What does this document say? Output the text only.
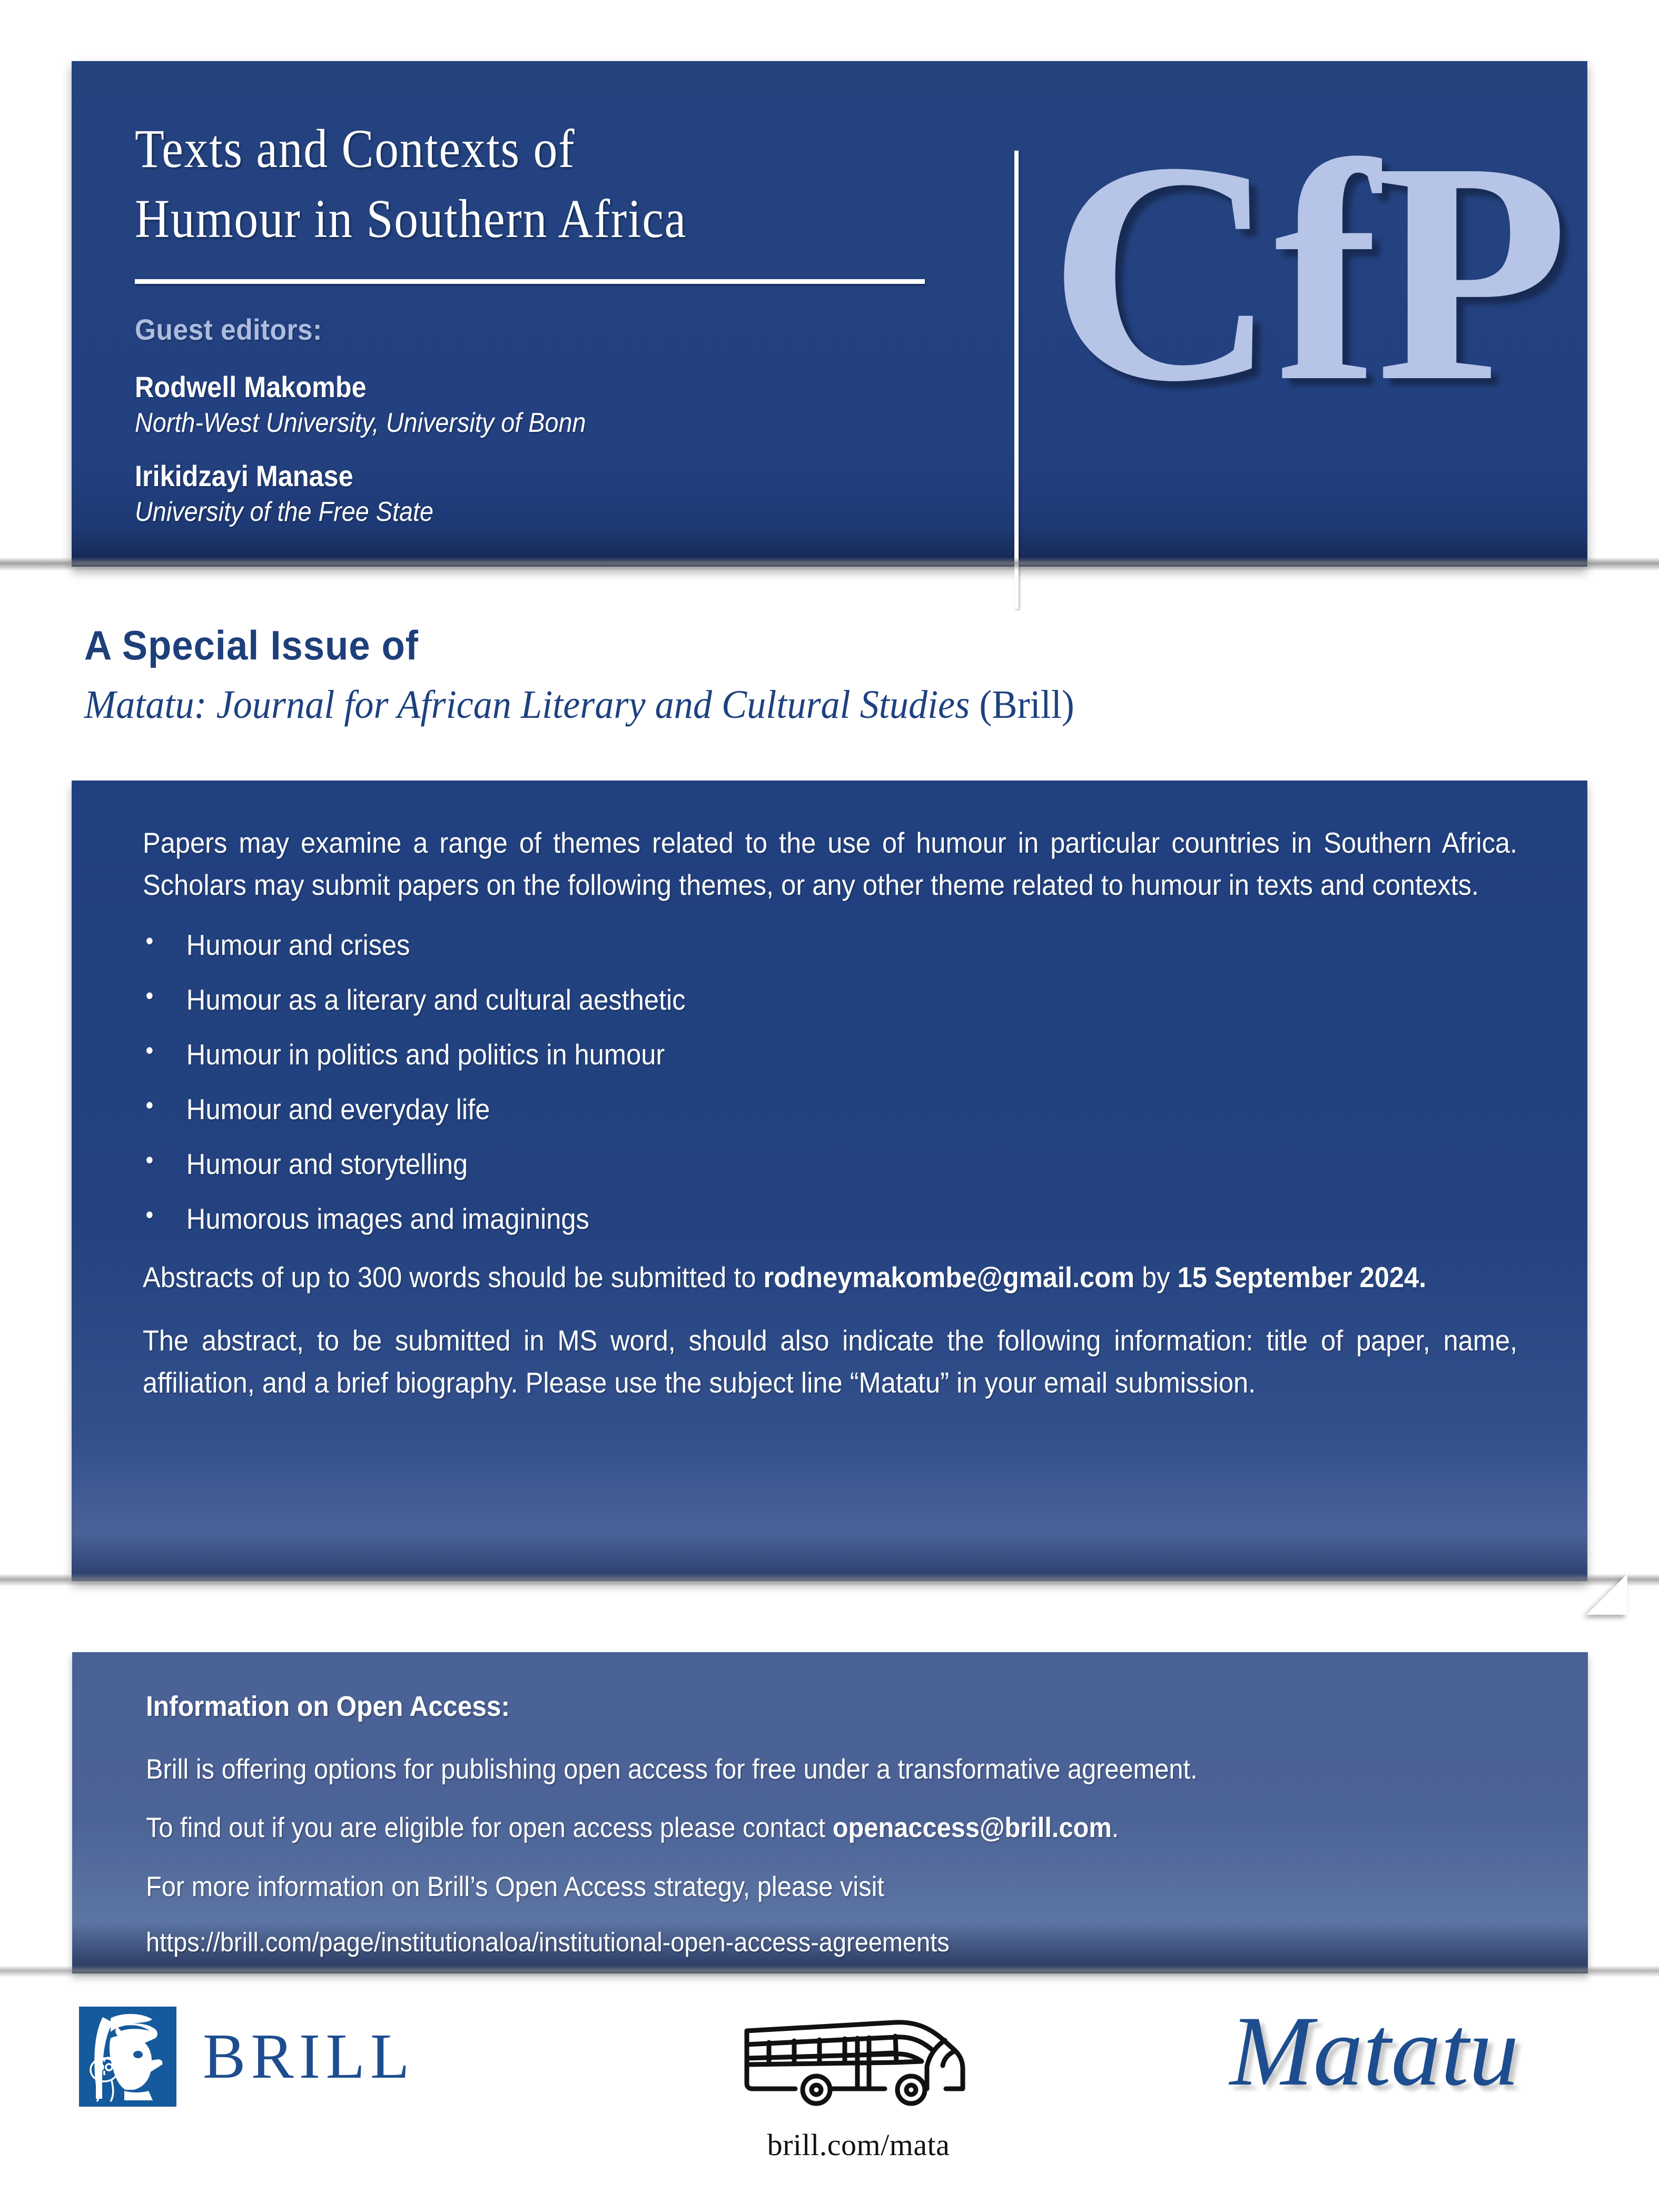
Texts and Contexts of
Humour in Southern Africa
Guest editors:
Rodwell Makombe
North-West University, University of Bonn
Irikidzayi Manase
University of the Free State
CfP
A Special Issue of
Matatu: Journal for African Literary and Cultural Studies (Brill)
Papers may examine a range of themes related to the use of humour in particular countries in Southern Africa. Scholars may submit papers on the following themes, or any other theme related to humour in texts and contexts.
• Humour and crises
• Humour as a literary and cultural aesthetic
• Humour in politics and politics in humour
• Humour and everyday life
• Humour and storytelling
• Humorous images and imaginings
Abstracts of up to 300 words should be submitted to rodneymakombe@gmail.com by 15 September 2024.
The abstract, to be submitted in MS word, should also indicate the following information: title of paper, name, affiliation, and a brief biography. Please use the subject line “Matatu” in your email submission.
Information on Open Access:
Brill is offering options for publishing open access for free under a transformative agreement.
To find out if you are eligible for open access please contact openaccess@brill.com.
For more information on Brill’s Open Access strategy, please visit
https://brill.com/page/institutionaloa/institutional-open-access-agreements
BRILL
brill.com/mata
Matatu
